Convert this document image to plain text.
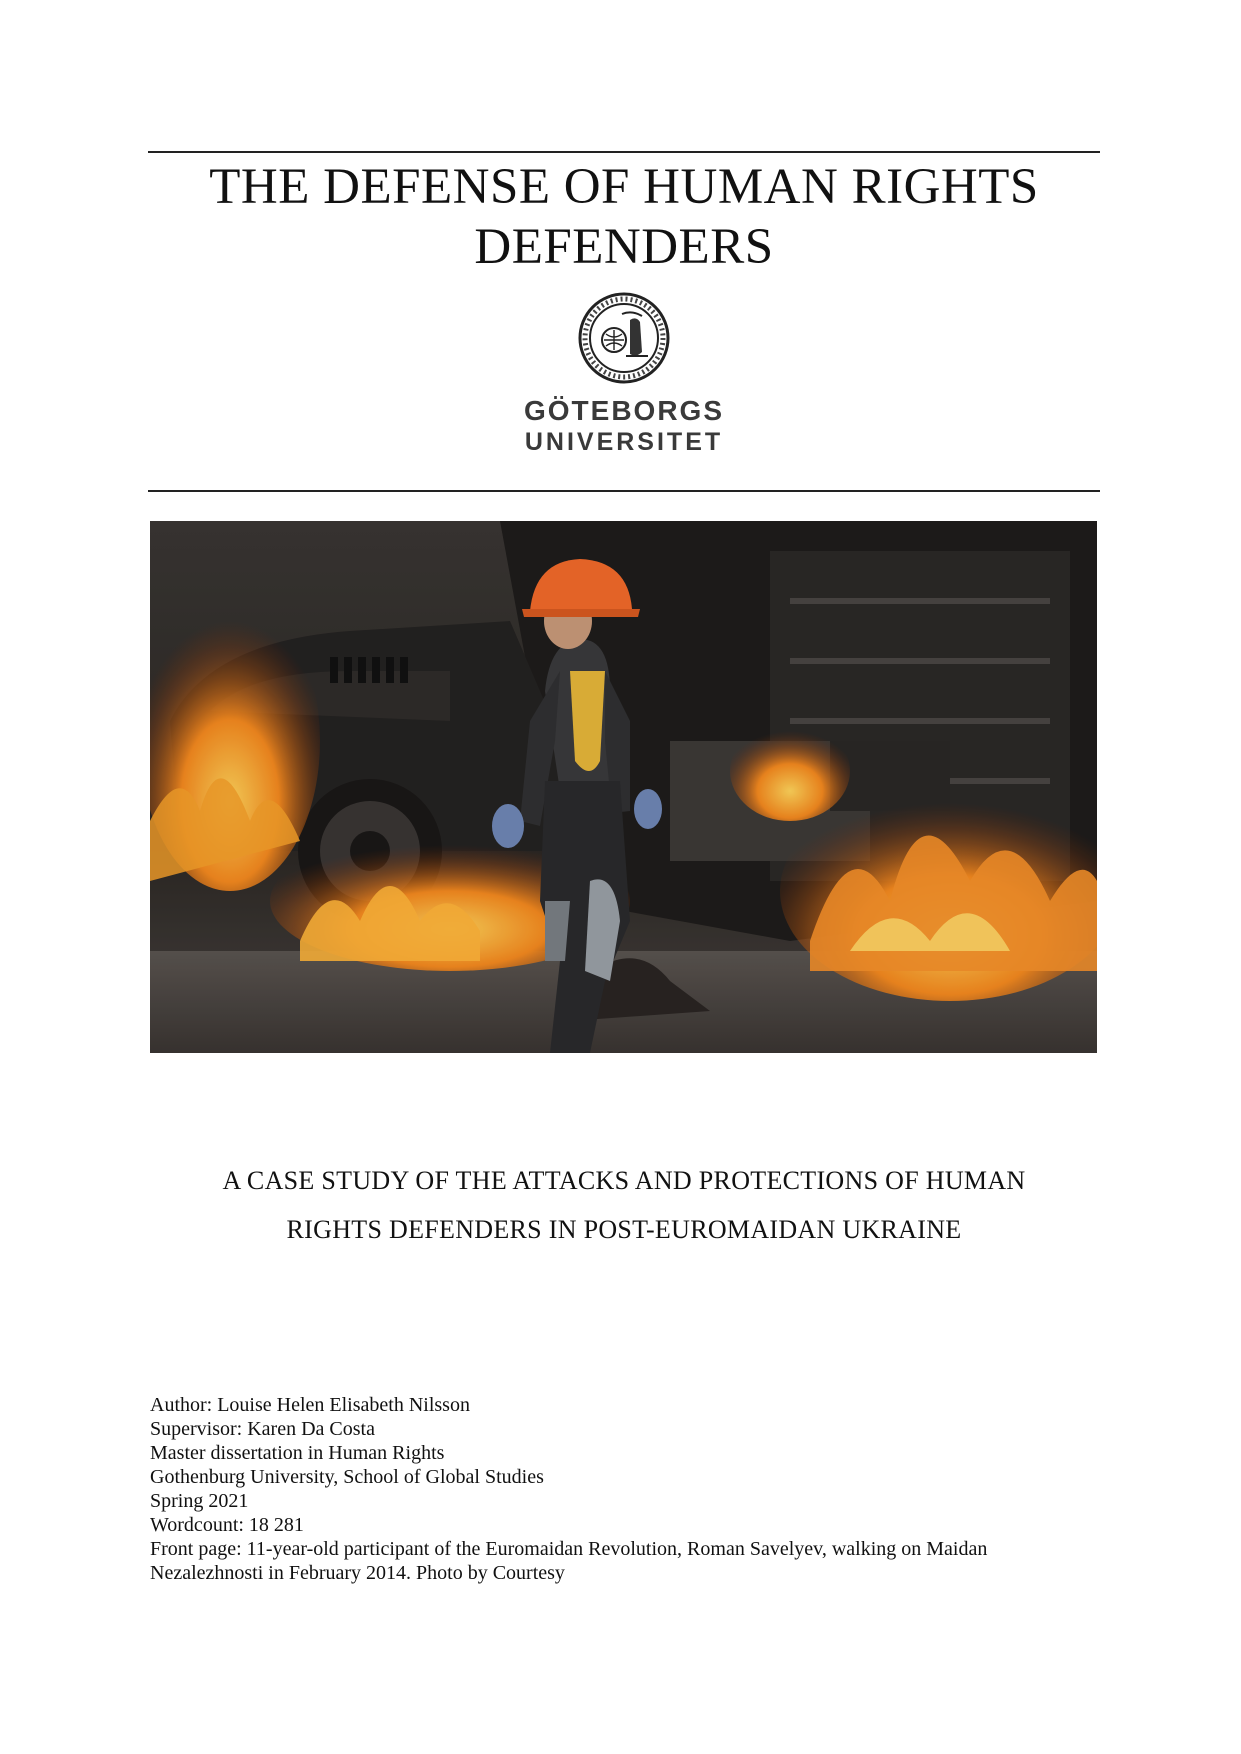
THE DEFENSE OF HUMAN RIGHTS
DEFENDERS
GÖTEBORGS
UNIVERSITET
A CASE STUDY OF THE ATTACKS AND PROTECTIONS OF HUMAN
RIGHTS DEFENDERS IN POST-EUROMAIDAN UKRAINE
Author: Louise Helen Elisabeth Nilsson
Supervisor: Karen Da Costa
Master dissertation in Human Rights
Gothenburg University, School of Global Studies
Spring 2021
Wordcount: 18 281
Front page: 11-year-old participant of the Euromaidan Revolution, Roman Savelyev, walking on Maidan
Nezalezhnosti in February 2014. Photo by Courtesy
